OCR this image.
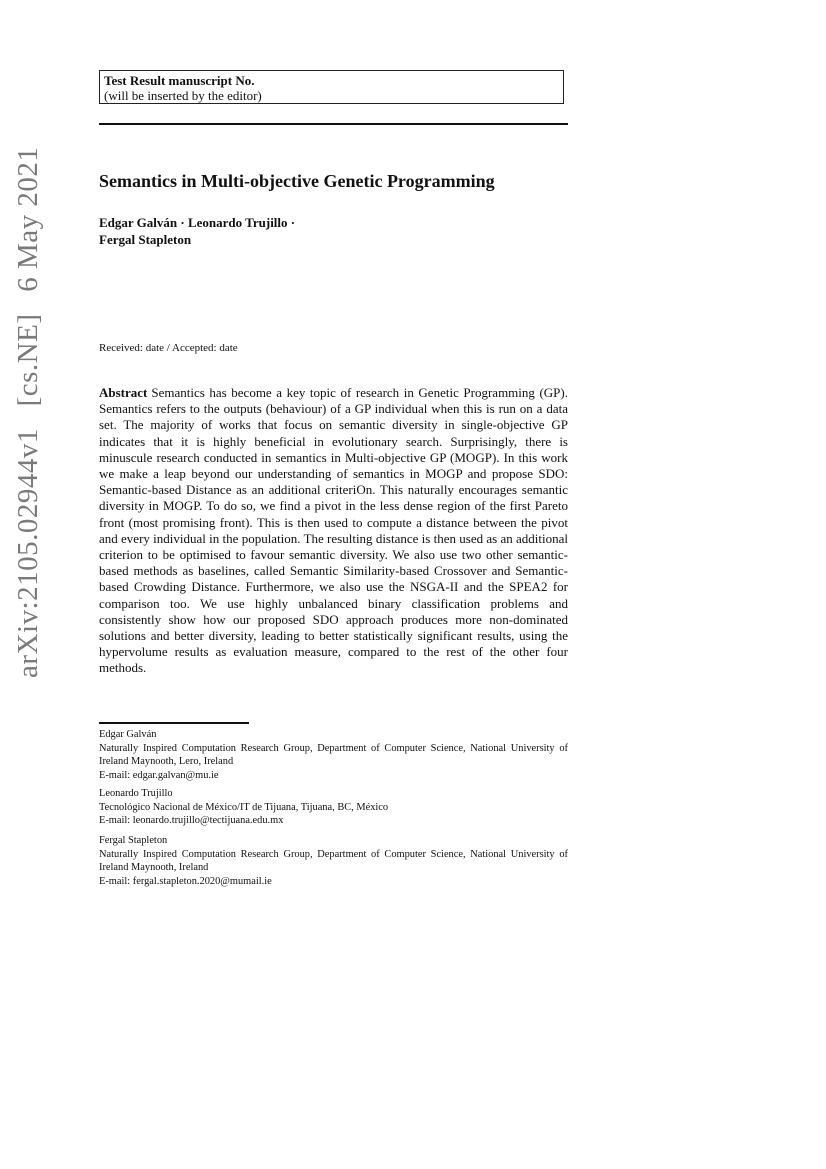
Test Result manuscript No.
(will be inserted by the editor)
arXiv:2105.02944v1 [cs.NE] 6 May 2021	Semantics in Multi-objective Genetic Programming
Edgar Galván · Leonardo Trujillo ·
Fergal Stapleton
Received: date / Accepted: date
Abstract Semantics has become a key topic of research in Genetic Programming (GP). Semantics refers to the outputs (behaviour) of a GP individual when this is run on a data set. The majority of works that focus on semantic diversity in single-objective GP indicates that it is highly beneficial in evolutionary search. Surprisingly, there is minuscule research conducted in semantics in Multi-objective GP (MOGP). In this work we make a leap beyond our understanding of semantics in MOGP and propose SDO: Semantic-based Distance as an additional criteriOn. This naturally encourages semantic diversity in MOGP. To do so, we find a pivot in the less dense region of the first Pareto front (most promising front). This is then used to compute a distance between the pivot and every individual in the population. The resulting distance is then used as an additional criterion to be optimised to favour semantic diversity. We also use two other semantic-based methods as baselines, called Semantic Similarity-based Crossover and Semantic-based Crowding Distance. Furthermore, we also use the NSGA-II and the SPEA2 for comparison too. We use highly unbalanced binary classification problems and consistently show how our proposed SDO approach produces more non-dominated solutions and better diversity, leading to better statistically significant results, using the hypervolume results as evaluation measure, compared to the rest of the other four methods.
Edgar Galván
Naturally Inspired Computation Research Group, Department of Computer Science, National University of Ireland Maynooth, Lero, Ireland
E-mail: edgar.galvan@mu.ie
Leonardo Trujillo
Tecnológico Nacional de México/IT de Tijuana, Tijuana, BC, México
E-mail: leonardo.trujillo@tectijuana.edu.mx
Fergal Stapleton
Naturally Inspired Computation Research Group, Department of Computer Science, National University of Ireland Maynooth, Ireland
E-mail: fergal.stapleton.2020@mumail.ie
